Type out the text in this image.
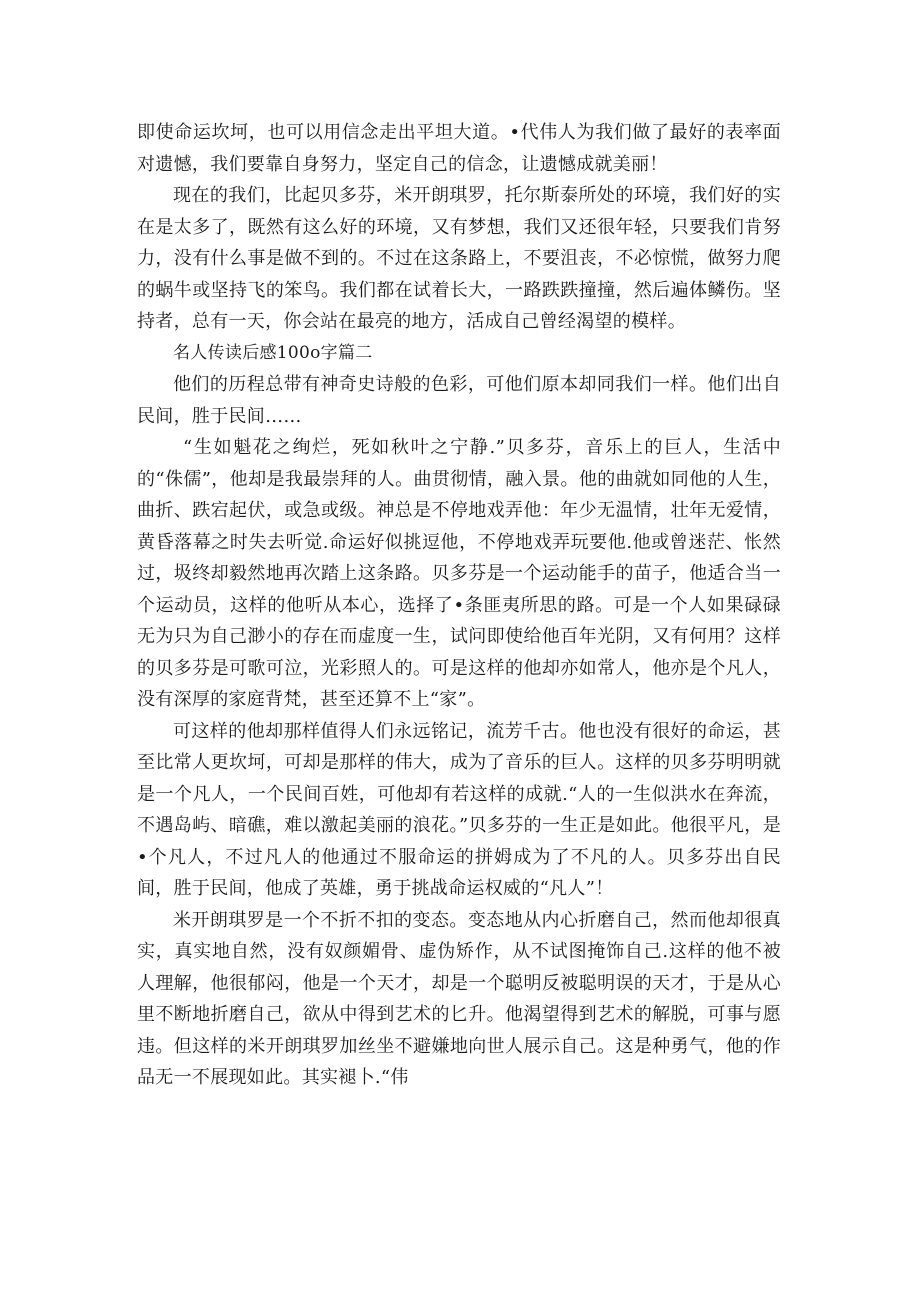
即使命运坎坷，也可以用信念走出平坦大道。•代伟人为我们做了最好的表率面对遗憾，我们要靠自身努力，坚定自己的信念，让遗憾成就美丽！

现在的我们，比起贝多芬，米开朗琪罗，托尔斯泰所处的环境，我们好的实在是太多了，既然有这么好的环境，又有梦想，我们又还很年轻，只要我们肯努力，没有什么事是做不到的。不过在这条路上，不要沮丧，不必惊慌，做努力爬的蜗牛或坚持飞的笨鸟。我们都在试着长大，一路跌跌撞撞，然后遍体鳞伤。坚持者，总有一天，你会站在最亮的地方，活成自己曾经渴望的模样。

名人传读后感100o字篇二

他们的历程总带有神奇史诗般的色彩，可他们原本却同我们一样。他们出自民间，胜于民间……

“生如魁花之绚烂，死如秋叶之宁静.”贝多芬，音乐上的巨人，生活中的“侏儒”，他却是我最崇拜的人。曲贯彻情，融入景。他的曲就如同他的人生，曲折、跌宕起伏，或急或级。神总是不停地戏弄他：年少无温情，壮年无爱情，黄昏落幕之时失去听觉.命运好似挑逗他，不停地戏弄玩要他.他或曾迷茫、怅然过，圾终却毅然地再次踏上这条路。贝多芬是一个运动能手的苗子，他适合当一个运动员，这样的他听从本心，选择了•条匪夷所思的路。可是一个人如果碌碌无为只为自己渺小的存在而虚度一生，试问即使给他百年光阴，又有何用？这样的贝多芬是可歌可泣，光彩照人的。可是这样的他却亦如常人，他亦是个凡人，没有深厚的家庭背梵，甚至还算不上“家”。

可这样的他却那样值得人们永远铭记，流芳千古。他也没有很好的命运，甚至比常人更坎坷，可却是那样的伟大，成为了音乐的巨人。这样的贝多芬明明就是一个凡人，一个民间百姓，可他却有若这样的成就.“人的一生似洪水在奔流，不遇岛屿、暗礁，难以激起美丽的浪花。”贝多芬的一生正是如此。他很平凡，是•个凡人，不过凡人的他通过不服命运的拼姆成为了不凡的人。贝多芬出自民间，胜于民间，他成了英雄，勇于挑战命运权威的“凡人”！

米开朗琪罗是一个不折不扣的变态。变态地从内心折磨自己，然而他却很真实，真实地自然，没有奴颜媚骨、虚伪矫作，从不试图掩饰自己.这样的他不被人理解，他很郁闷，他是一个天才，却是一个聪明反被聪明误的天才，于是从心里不断地折磨自己，欲从中得到艺术的匕升。他渴望得到艺术的解脱，可事与愿违。但这样的米开朗琪罗加丝坐不避嫌地向世人展示自己。这是种勇气，他的作品无一不展现如此。其实褪卜.“伟
